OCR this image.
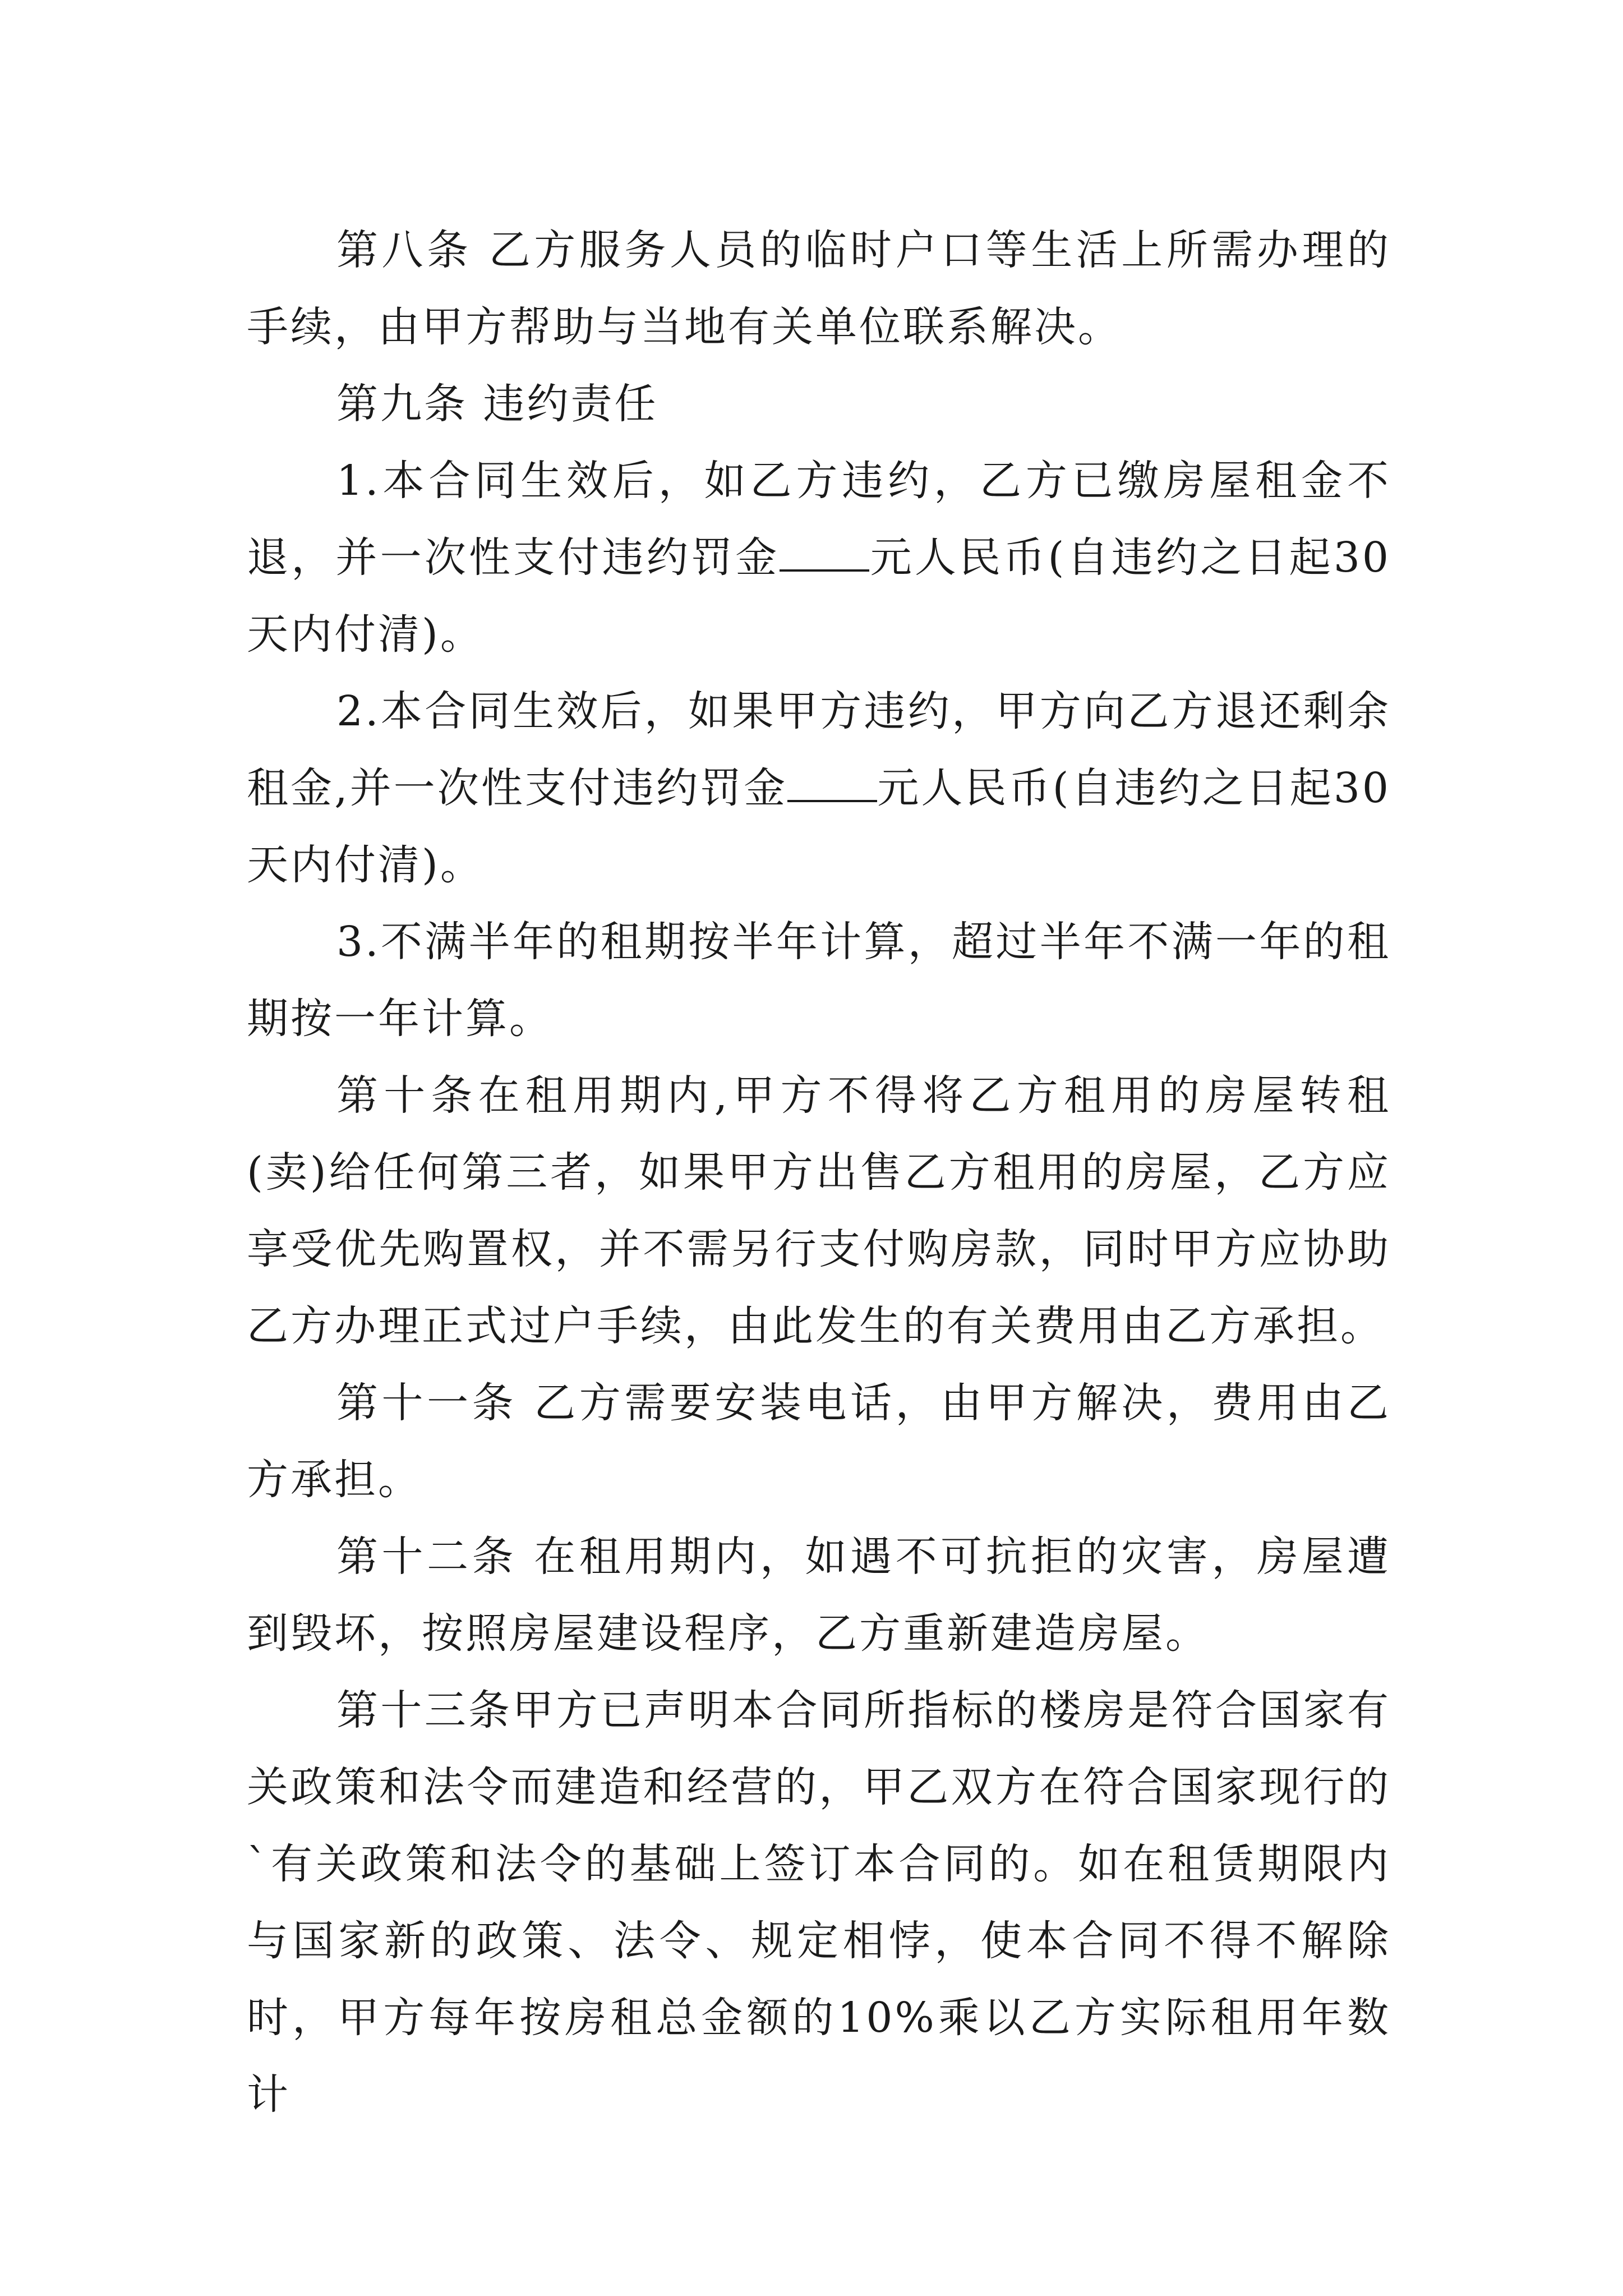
第八条 乙方服务人员的临时户口等生活上所需办理的手续，由甲方帮助与当地有关单位联系解决。

第九条 违约责任

1.本合同生效后，如乙方违约，乙方已缴房屋租金不退，并一次性支付违约罚金 元人民币(自违约之日起30天内付清)。

2.本合同生效后，如果甲方违约，甲方向乙方退还剩余租金,并一次性支付违约罚金 元人民币(自违约之日起30天内付清)。

3.不满半年的租期按半年计算，超过半年不满一年的租期按一年计算。

第十条在租用期内,甲方不得将乙方租用的房屋转租(卖)给任何第三者，如果甲方出售乙方租用的房屋，乙方应享受优先购置权，并不需另行支付购房款，同时甲方应协助乙方办理正式过户手续，由此发生的有关费用由乙方承担。

第十一条 乙方需要安装电话，由甲方解决，费用由乙方承担。

第十二条 在租用期内，如遇不可抗拒的灾害，房屋遭到毁坏，按照房屋建设程序，乙方重新建造房屋。

第十三条甲方已声明本合同所指标的楼房是符合国家有关政策和法令而建造和经营的，甲乙双方在符合国家现行的`有关政策和法令的基础上签订本合同的。如在租赁期限内与国家新的政策、法令、规定相悖，使本合同不得不解除时，甲方每年按房租总金额的10%乘以乙方实际租用年数计
